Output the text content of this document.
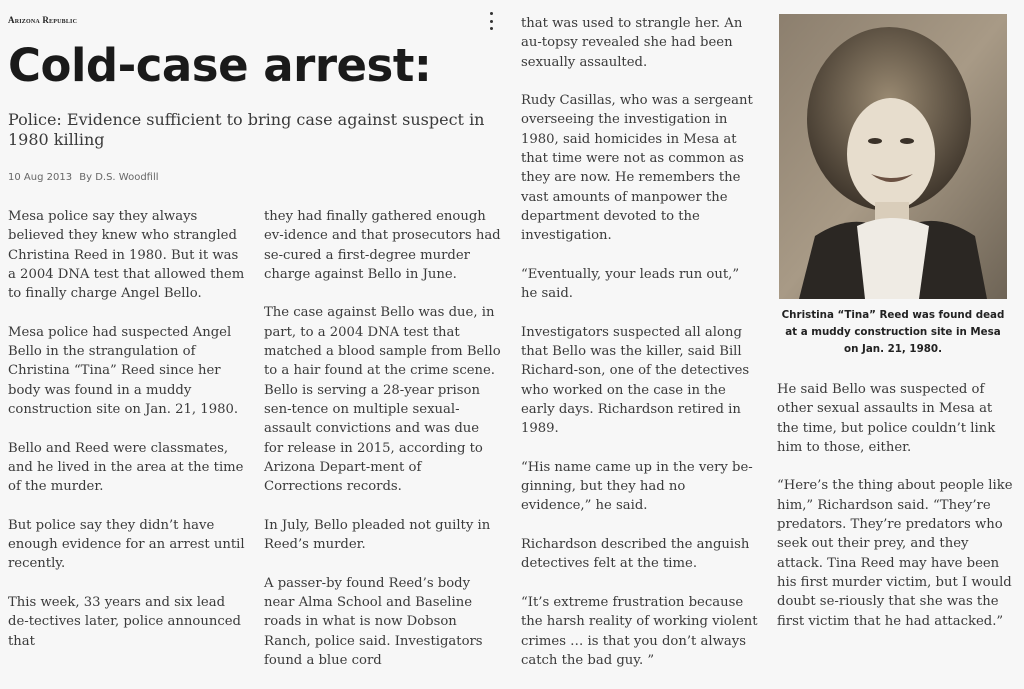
Arizona Republic
Cold-case arrest:

Police: Evidence sufficient to bring case against suspect in 1980 killing

10 Aug 2013 By D.S. Woodfill

Mesa police say they always believed they knew who strangled Christina Reed in 1980. But it was a 2004 DNA test that allowed them to finally charge Angel Bello.

Mesa police had suspected Angel Bello in the strangulation of Christina “Tina” Reed since her body was found in a muddy construction site on Jan. 21, 1980.

Bello and Reed were classmates, and he lived in the area at the time of the murder.

But police say they didn’t have enough evidence for an arrest until recently.

This week, 33 years and six lead de-tectives later, police announced that

they had finally gathered enough ev-idence and that prosecutors had se-cured a first-degree murder charge against Bello in June.

The case against Bello was due, in part, to a 2004 DNA test that matched a blood sample from Bello to a hair found at the crime scene. Bello is serving a 28-year prison sen-tence on multiple sexual-assault convictions and was due for release in 2015, according to Arizona Depart-ment of Corrections records.

In July, Bello pleaded not guilty in Reed’s murder.

A passer-by found Reed’s body near Alma School and Baseline roads in what is now Dobson Ranch, police said. Investigators found a blue cord

that was used to strangle her. An au-topsy revealed she had been sexually assaulted.

Rudy Casillas, who was a sergeant overseeing the investigation in 1980, said homicides in Mesa at that time were not as common as they are now. He remembers the vast amounts of manpower the department devoted to the investigation.

“Eventually, your leads run out,” he said.

Investigators suspected all along that Bello was the killer, said Bill Richard-son, one of the detectives who worked on the case in the early days. Richardson retired in 1989.

“His name came up in the very be-ginning, but they had no evidence,” he said.

Richardson described the anguish detectives felt at the time.

“It’s extreme frustration because the harsh reality of working violent crimes … is that you don’t always catch the bad guy. ”

Christina “Tina” Reed was found dead at a muddy construction site in Mesa on Jan. 21, 1980.

He said Bello was suspected of other sexual assaults in Mesa at the time, but police couldn’t link him to those, either.

“Here’s the thing about people like him,” Richardson said. “They’re predators. They’re predators who seek out their prey, and they attack. Tina Reed may have been his first murder victim, but I would doubt se-riously that she was the first victim that he had attacked.”
